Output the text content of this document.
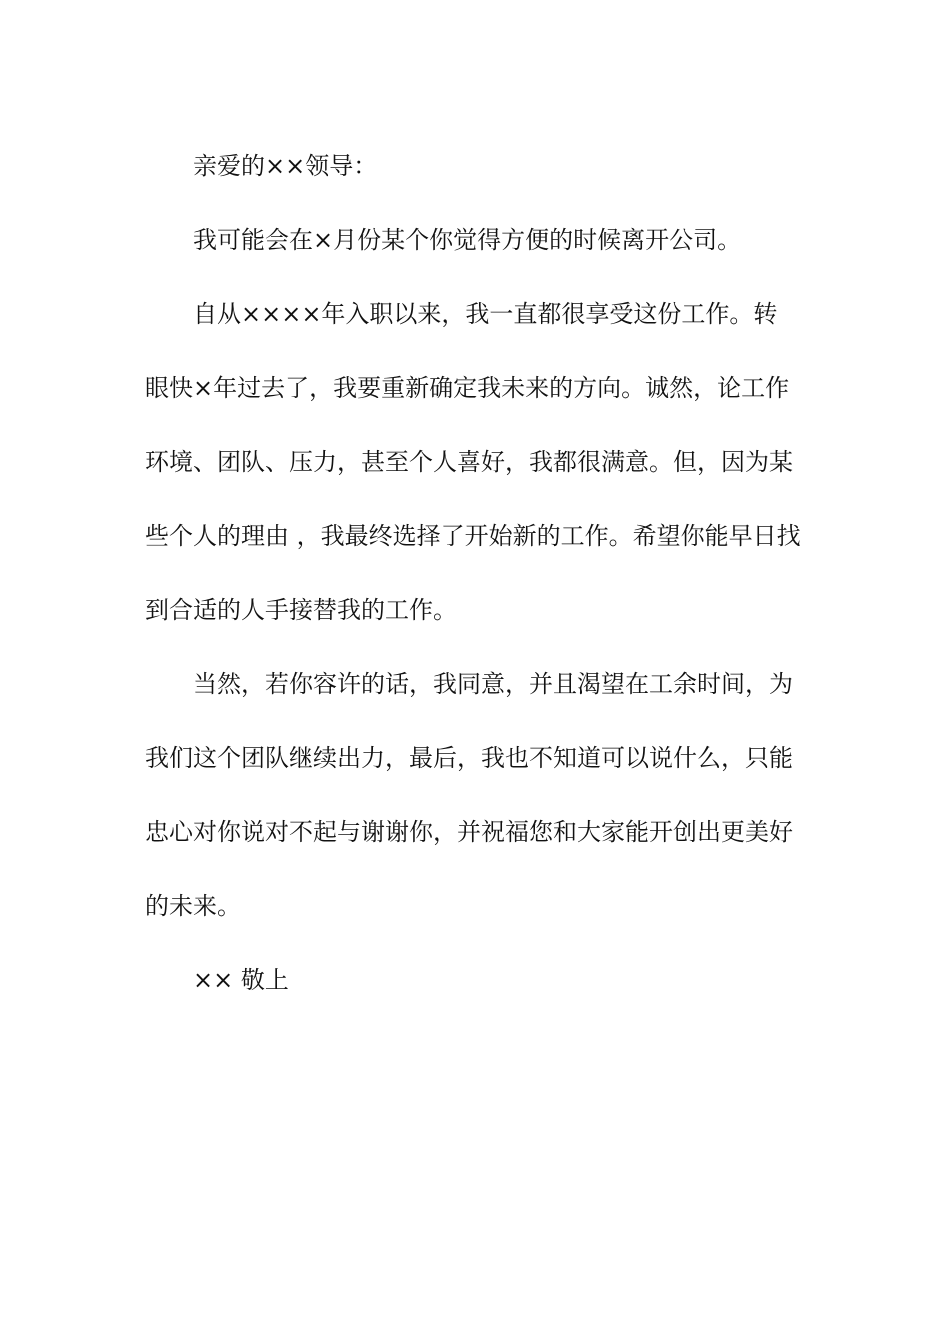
亲爱的××领导：
我可能会在×月份某个你觉得方便的时候离开公司。
自从××××年入职以来，我一直都很享受这份工作。转
眼快×年过去了，我要重新确定我未来的方向。诚然，论工作
环境、团队、压力，甚至个人喜好，我都很满意。但，因为某
些个人的理由 ，我最终选择了开始新的工作。希望你能早日找
到合适的人手接替我的工作。
当然，若你容许的话，我同意，并且渴望在工余时间，为
我们这个团队继续出力，最后，我也不知道可以说什么，只能
忠心对你说对不起与谢谢你，并祝福您和大家能开创出更美好
的未来。
×× 敬上
